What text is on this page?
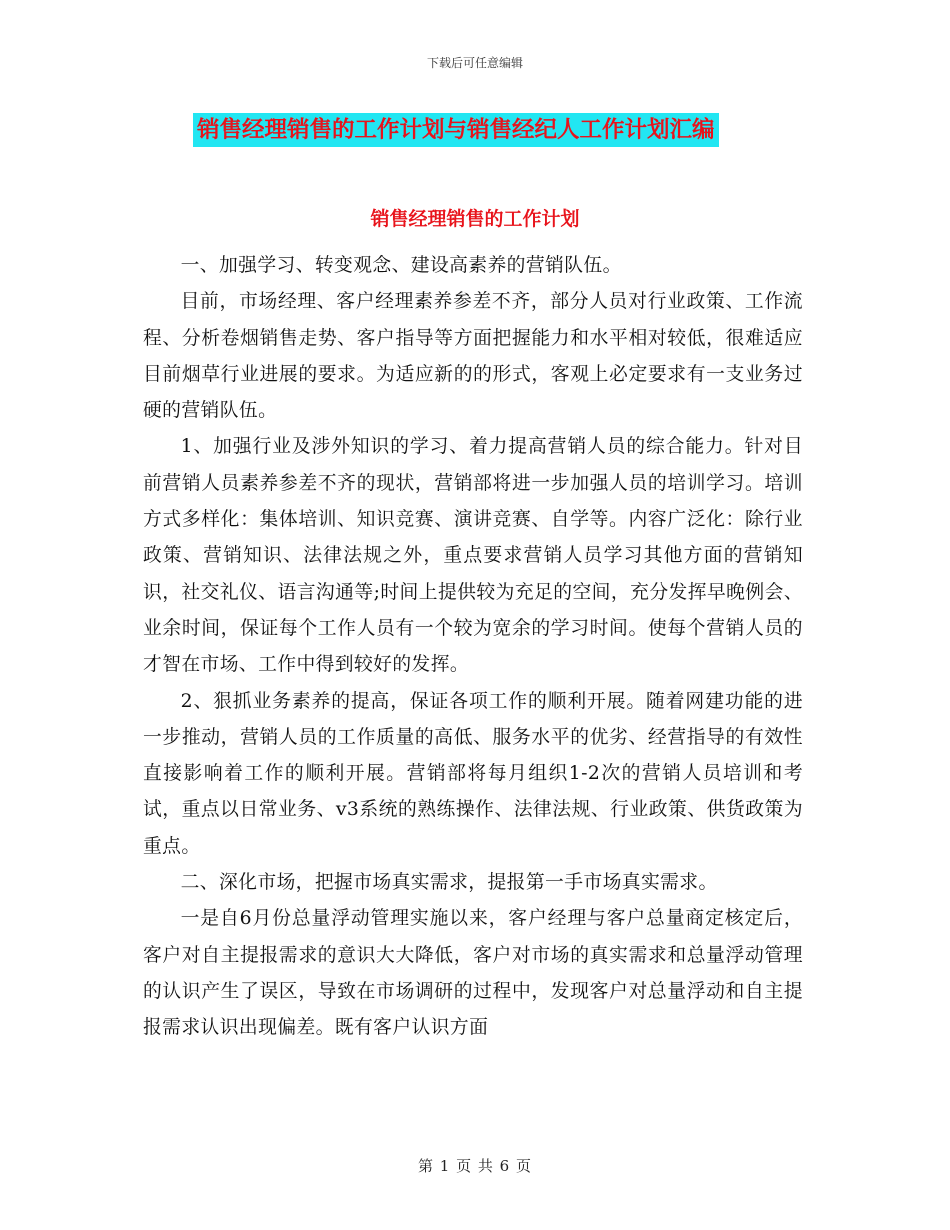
下载后可任意编辑
销售经理销售的工作计划与销售经纪人工作计划汇编
销售经理销售的工作计划

一、加强学习、转变观念、建设高素养的营销队伍。

目前，市场经理、客户经理素养参差不齐，部分人员对行业政策、工作流程、分析卷烟销售走势、客户指导等方面把握能力和水平相对较低，很难适应目前烟草行业进展的要求。为适应新的的形式，客观上必定要求有一支业务过硬的营销队伍。

1、加强行业及涉外知识的学习、着力提高营销人员的综合能力。针对目前营销人员素养参差不齐的现状，营销部将进一步加强人员的培训学习。培训方式多样化：集体培训、知识竞赛、演讲竞赛、自学等。内容广泛化：除行业政策、营销知识、法律法规之外，重点要求营销人员学习其他方面的营销知识，社交礼仪、语言沟通等;时间上提供较为充足的空间，充分发挥早晚例会、业余时间，保证每个工作人员有一个较为宽余的学习时间。使每个营销人员的才智在市场、工作中得到较好的发挥。

2、狠抓业务素养的提高，保证各项工作的顺利开展。随着网建功能的进一步推动，营销人员的工作质量的高低、服务水平的优劣、经营指导的有效性直接影响着工作的顺利开展。营销部将每月组织1-2次的营销人员培训和考试，重点以日常业务、v3系统的熟练操作、法律法规、行业政策、供货政策为重点。

二、深化市场，把握市场真实需求，提报第一手市场真实需求。

一是自6月份总量浮动管理实施以来，客户经理与客户总量商定核定后，客户对自主提报需求的意识大大降低，客户对市场的真实需求和总量浮动管理的认识产生了误区，导致在市场调研的过程中，发现客户对总量浮动和自主提报需求认识出现偏差。既有客户认识方面

第 1 页 共 6 页
